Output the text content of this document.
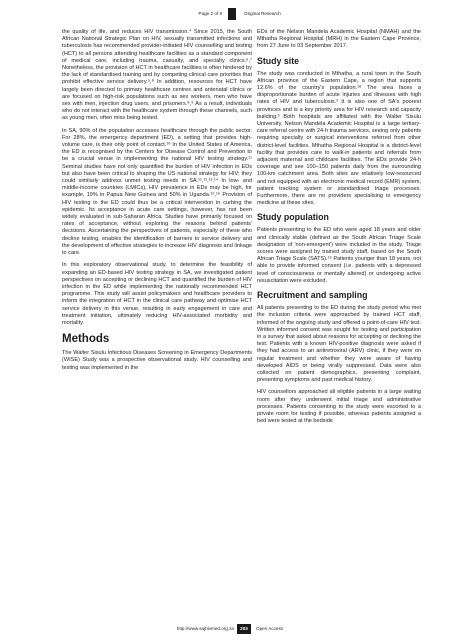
Page 2 of 9	Original Research

the quality of life, and reduces HIV transmission.⁴ Since 2015, the South African National Strategic Plan on HIV, sexually transmitted infections and tuberculosis has recommended provider-initiated HIV counselling and testing (HCT) to all persons attending healthcare facilities as a standard component of medical care, including trauma, casualty, and specialty clinics.⁶,⁷ Nonetheless, the provision of HCT in healthcare facilities is often hindered by the lack of standardised training and by competing clinical care priorities that prohibit effective service delivery.⁵,⁸ In addition, resources for HCT have largely been directed to primary healthcare centres and antenatal clinics or are focused on high-risk populations such as sex workers, men who have sex with men, injection drug users, and prisoners.⁸,⁹ As a result, individuals who do not interact with the healthcare system through these channels, such as young men, often miss being tested.

In SA, 90% of the population accesses healthcare through the public sector. For 28%, the emergency department (ED), a setting that provides high-volume care, is their only point of contact.¹⁰ In the United States of America, the ED is recognised by the Centers for Disease Control and Prevention to be a crucial venue in implementing the national HIV testing strategy.¹¹ Seminal studies have not only quantified the burden of HIV infection in EDs but also have been critical to shaping the US national strategy for HIV; they could similarly address unmet testing needs in SA.¹¹,¹²,¹³,¹⁴ In low- and middle-income countries (LMICs), HIV prevalence in EDs may be high, for example, 19% in Papua New Guinea and 50% in Uganda.¹⁵,¹⁶ Provision of HIV testing in the ED could thus be a critical intervention in curbing the epidemic. Its acceptance in acute care settings, however, has not been widely evaluated in sub-Saharan Africa. Studies have primarily focused on rates of acceptance, without exploring the reasons behind patients' decisions. Ascertaining the perspectives of patients, especially of these who decline testing, enables the identification of barriers to service delivery and the development of effective strategies to increase HIV diagnosis and linkage to care.

In this exploratory observational study, to determine the feasibility of expanding an ED-based HIV testing strategy in SA, we investigated patient perspectives on accepting or declining HCT and quantified the burden of HIV infection in the ED while implementing the nationally recommended HCT programme. This study will assist policymakers and healthcare providers to inform the integration of HCT in the clinical care pathway and optimise HCT service delivery in this venue, resulting in early engagement in care and treatment initiation, ultimately reducing HIV-associated morbidity and mortality.

Methods

The Walter Sisulu Infectious Diseases Screening in Emergency Departments (WISE) Study was a prospective observational study. HIV counselling and testing was implemented in the

EDs of the Nelson Mandela Academic Hospital (NMAH) and the Mthatha Regional Hospital (MRH) in the Eastern Cape Province, from 27 June to 03 September 2017.

Study site

The study was conducted in Mthatha, a rural town in the South African province of the Eastern Cape, a region that supports 12.6% of the country's population.¹⁸ The area faces a disproportionate burden of acute injuries and illnesses with high rates of HIV and tuberculosis.³ It is also one of SA's poorest provinces and is a key priority area for HIV research and capacity building.³ Both hospitals are affiliated with the Walter Sisulu University. Nelson Mandela Academic Hospital is a large tertiary-care referral centre with 24-h trauma services, seeing only patients requiring specialty or surgical interventions referred from other district-level facilities. Mthatha Regional Hospital is a district-level facility that provides care to walk-in patients and referrals from adjacent maternal and childcare facilities. The EDs provide 24-h coverage and see 100–150 patients daily from the surrounding 100-km catchment area. Both sites are relatively low-resourced and not equipped with an electronic medical record (EMR) system, patient tracking system or standardised triage processes. Furthermore, there are no providers specialising in emergency medicine at these sites.

Study population

Patients presenting to the ED who were aged 18 years and older and clinically stable (defined as the South African Triage Scale designation of 'non-emergent') were included in the study. Triage scores were assigned by trained study staff, based on the South African Triage Scale (SATS).¹⁹ Patients younger than 18 years, not able to provide informed consent (i.e. patients with a depressed level of consciousness or mentally altered) or undergoing active resuscitation were excluded.

Recruitment and sampling

All patients presenting to the ED during the study period who met the inclusion criteria were approached by trained HCT staff, informed of the ongoing study and offered a point-of-care HIV test. Written informed consent was sought for testing and participation in a survey that asked about reasons for accepting or declining the test. Patients with a known HIV-positive diagnosis were asked if they had access to an antiretroviral (ARV) clinic, if they were on regular treatment and whether they were aware of having developed AIDS or being virally suppressed. Data were also collected on patient demographics, presenting complaint, presenting symptoms and past medical history.

HIV counsellors approached all eligible patients in a large waiting room after they underwent initial triage and administrative processes. Patients consenting to the study were escorted to a private room for testing if possible, whereas patients assigned a bed were tested at the bedside

http://www.sajhivmed.org.za	203	Open Access
